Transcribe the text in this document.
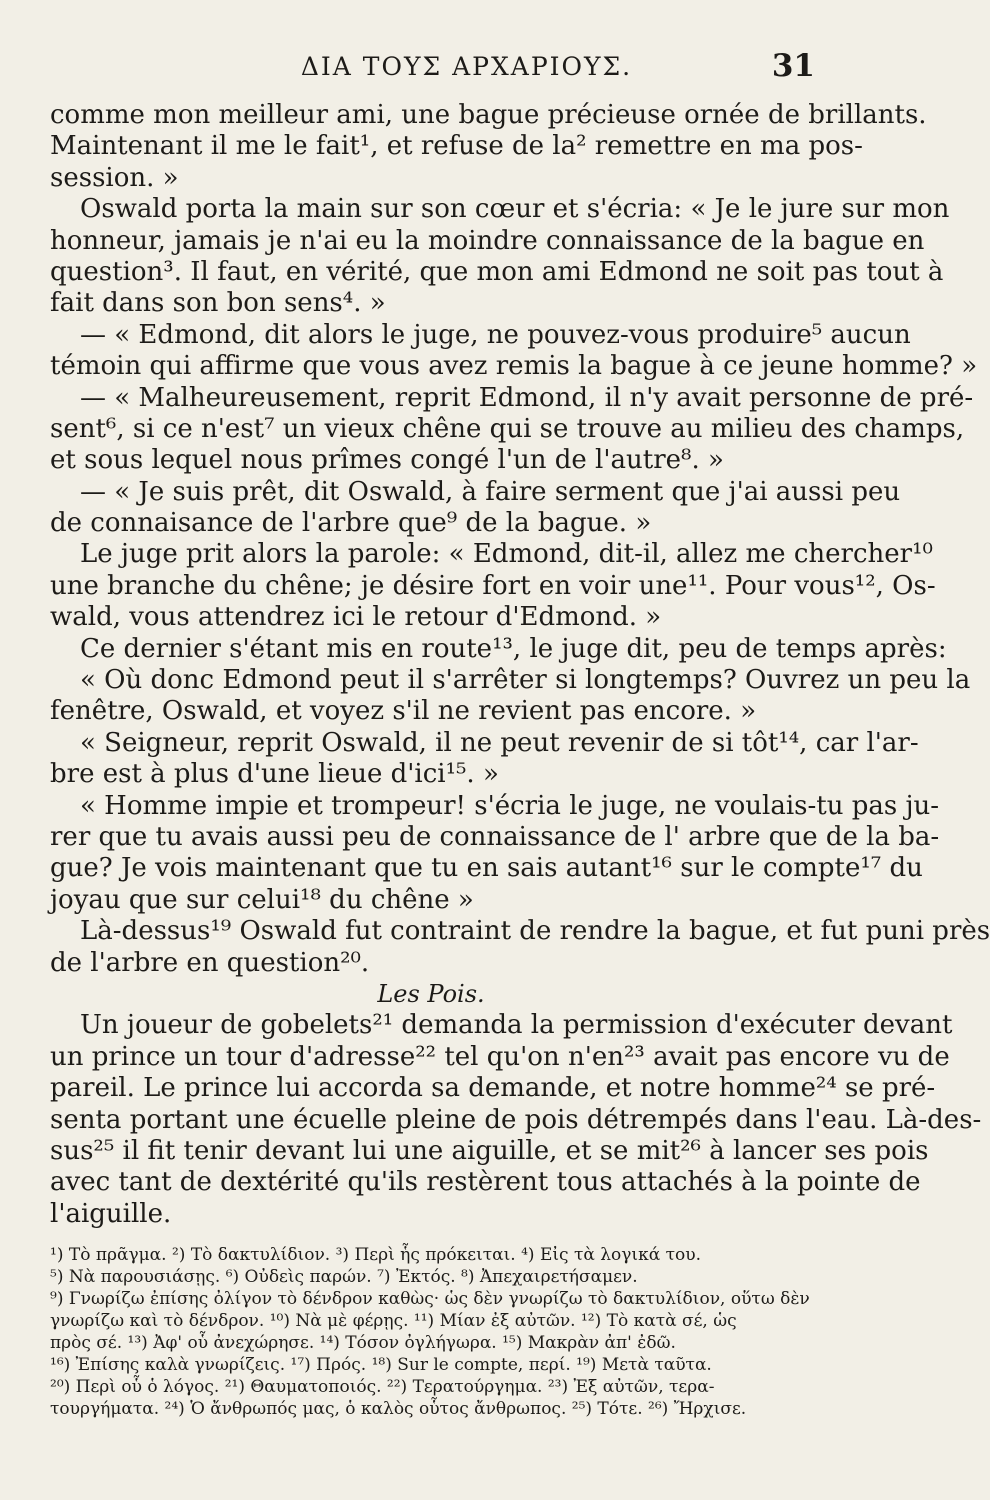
ΔΙΑ ΤΟΥΣ ΑΡΧΑΡΙΟΥΣ.	31
comme mon meilleur ami, une bague précieuse ornée de brillants.
Maintenant il me le fait¹, et refuse de la² remettre en ma pos-
session. »
Oswald porta la main sur son cœur et s'écria: « Je le jure sur mon
honneur, jamais je n'ai eu la moindre connaissance de la bague en
question³. Il faut, en vérité, que mon ami Edmond ne soit pas tout à
fait dans son bon sens⁴. »
— « Edmond, dit alors le juge, ne pouvez-vous produire⁵ aucun
témoin qui affirme que vous avez remis la bague à ce jeune homme? »
— « Malheureusement, reprit Edmond, il n'y avait personne de pré-
sent⁶, si ce n'est⁷ un vieux chêne qui se trouve au milieu des champs,
et sous lequel nous prîmes congé l'un de l'autre⁸. »
— « Je suis prêt, dit Oswald, à faire serment que j'ai aussi peu
de connaisance de l'arbre que⁹ de la bague. »
Le juge prit alors la parole: « Edmond, dit-il, allez me chercher¹⁰
une branche du chêne; je désire fort en voir une¹¹. Pour vous¹², Os-
wald, vous attendrez ici le retour d'Edmond. »
Ce dernier s'étant mis en route¹³, le juge dit, peu de temps après:
« Où donc Edmond peut il s'arrêter si longtemps? Ouvrez un peu la
fenêtre, Oswald, et voyez s'il ne revient pas encore. »
« Seigneur, reprit Oswald, il ne peut revenir de si tôt¹⁴, car l'ar-
bre est à plus d'une lieue d'ici¹⁵. »
« Homme impie et trompeur! s'écria le juge, ne voulais-tu pas ju-
rer que tu avais aussi peu de connaissance de l' arbre que de la ba-
gue? Je vois maintenant que tu en sais autant¹⁶ sur le compte¹⁷ du
joyau que sur celui¹⁸ du chêne »
Là-dessus¹⁹ Oswald fut contraint de rendre la bague, et fut puni près
de l'arbre en question²⁰.
Les Pois.
Un joueur de gobelets²¹ demanda la permission d'exécuter devant
un prince un tour d'adresse²² tel qu'on n'en²³ avait pas encore vu de
pareil. Le prince lui accorda sa demande, et notre homme²⁴ se pré-
senta portant une écuelle pleine de pois détrempés dans l'eau. Là-des-
sus²⁵ il fit tenir devant lui une aiguille, et se mit²⁶ à lancer ses pois
avec tant de dextérité qu'ils restèrent tous attachés à la pointe de
l'aiguille.
¹) Τὸ πρᾶγμα. ²) Τὸ δακτυλίδιον. ³) Περὶ ἧς πρόκειται. ⁴) Εἰς τὰ λογικά του.
⁵) Νὰ παρουσιάσῃς. ⁶) Οὐδεὶς παρών. ⁷) Ἐκτός. ⁸) Ἀπεχαιρετήσαμεν.
⁹) Γνωρίζω ἐπίσης ὀλίγον τὸ δένδρον καθὼς· ὡς δὲν γνωρίζω τὸ δακτυλίδιον, οὕτω δὲν
γνωρίζω καὶ τὸ δένδρον. ¹⁰) Νὰ μὲ φέρῃς. ¹¹) Μίαν ἐξ αὐτῶν. ¹²) Τὸ κατὰ σέ, ὡς
πρὸς σέ. ¹³) Ἀφ' οὗ ἀνεχώρησε. ¹⁴) Τόσον ὀγλήγωρα. ¹⁵) Μακρὰν ἀπ' ἐδῶ.
¹⁶) Ἐπίσης καλὰ γνωρίζεις. ¹⁷) Πρός. ¹⁸) Sur le compte, περί. ¹⁹) Μετὰ ταῦτα.
²⁰) Περὶ οὗ ὁ λόγος. ²¹) Θαυματοποιός. ²²) Τερατούργημα. ²³) Ἐξ αὐτῶν, τερα-
τουργήματα. ²⁴) Ὁ ἄνθρωπός μας, ὁ καλὸς οὗτος ἄνθρωπος. ²⁵) Τότε. ²⁶) Ἤρχισε.
